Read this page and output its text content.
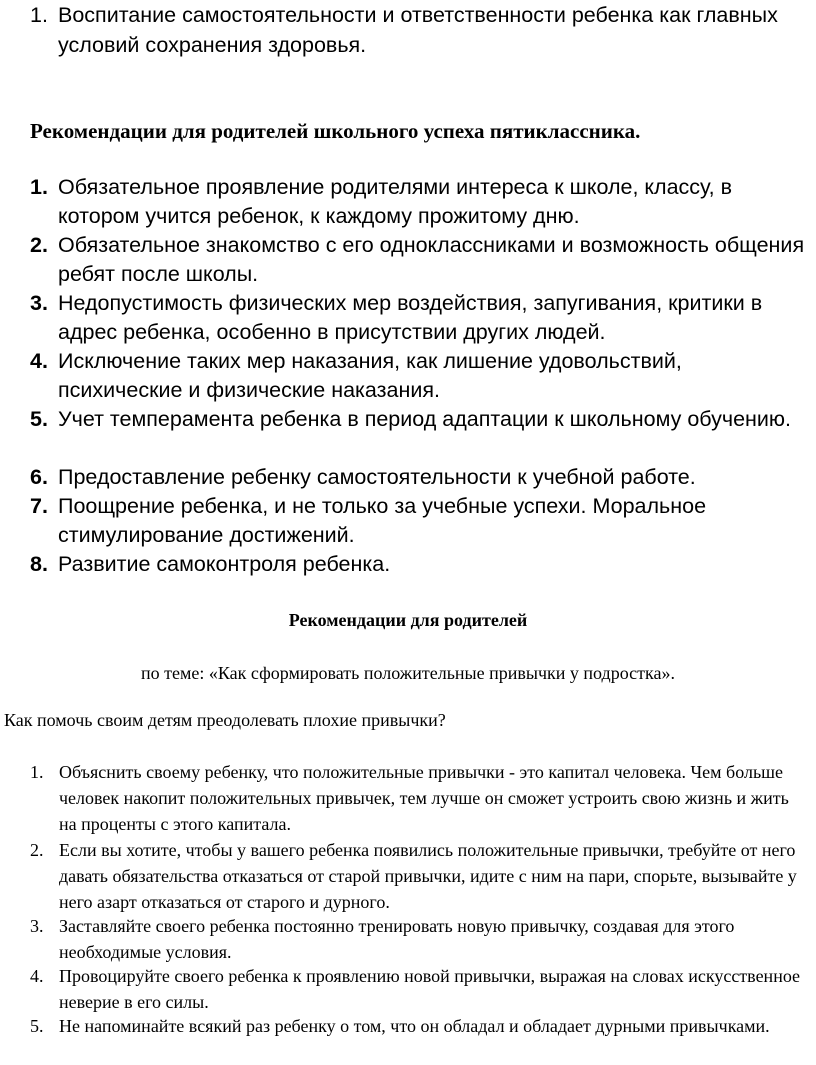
1. Воспитание самостоятельности и ответственности ребенка как главных условий сохранения здоровья.
Рекомендации для родителей школьного успеха пятиклассника.
1. Обязательное проявление родителями интереса к школе, классу, в котором учится ребенок, к каждому прожитому дню.
2. Обязательное знакомство с его одноклассниками и возможность общения ребят после школы.
3. Недопустимость физических мер воздействия, запугивания, критики в адрес ребенка, особенно в присутствии других людей.
4. Исключение таких мер наказания, как лишение удовольствий, психические и физические наказания.
5. Учет темперамента ребенка в период адаптации к школьному обучению.
6. Предоставление ребенку самостоятельности к учебной работе.
7. Поощрение ребенка, и не только за учебные успехи. Моральное стимулирование достижений.
8. Развитие самоконтроля ребенка.
Рекомендации для родителей
по теме: «Как сформировать положительные привычки у подростка».
Как помочь своим детям преодолевать плохие привычки?
1. Объяснить своему ребенку, что положительные привычки - это капитал человека. Чем больше человек накопит положительных привычек, тем лучше он сможет устроить свою жизнь и жить на проценты с этого капитала.
2. Если вы хотите, чтобы у вашего ребенка появились положительные привычки, требуйте от него давать обязательства отказаться от старой привычки, идите с ним на пари, спорьте, вызывайте у него азарт отказаться от старого и дурного.
3. Заставляйте своего ребенка постоянно тренировать новую привычку, создавая для этого необходимые условия.
4. Провоцируйте своего ребенка к проявлению новой привычки, выражая на словах искусственное неверие в его силы.
5. Не напоминайте всякий раз ребенку о том, что он обладал и обладает дурными привычками.
